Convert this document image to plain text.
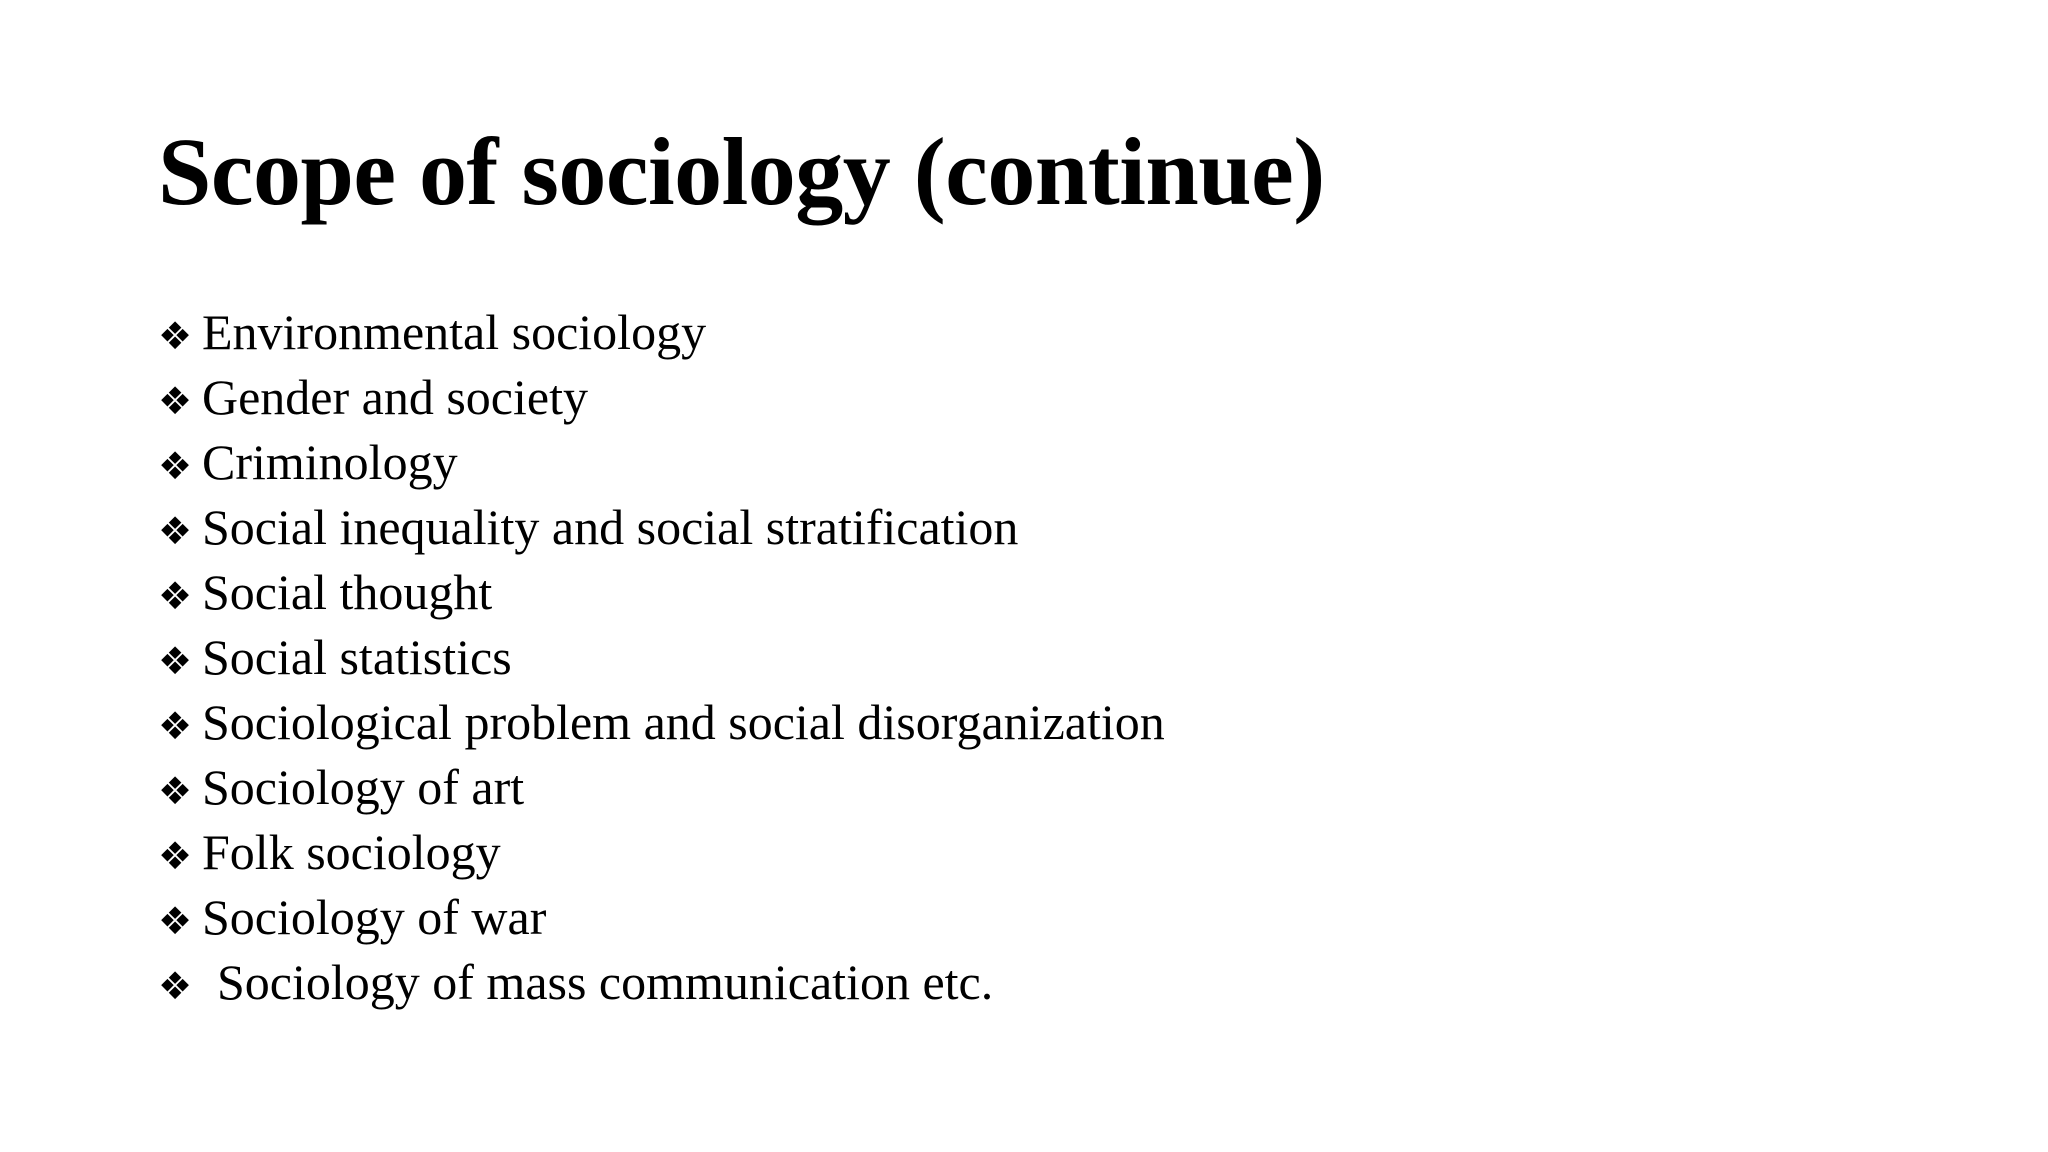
Scope of sociology (continue)
❖ Environmental sociology
❖ Gender and society
❖ Criminology
❖ Social inequality and social stratification
❖ Social thought
❖ Social statistics
❖ Sociological problem and social disorganization
❖ Sociology of art
❖ Folk sociology
❖ Sociology of war
❖ Sociology of mass communication etc.
